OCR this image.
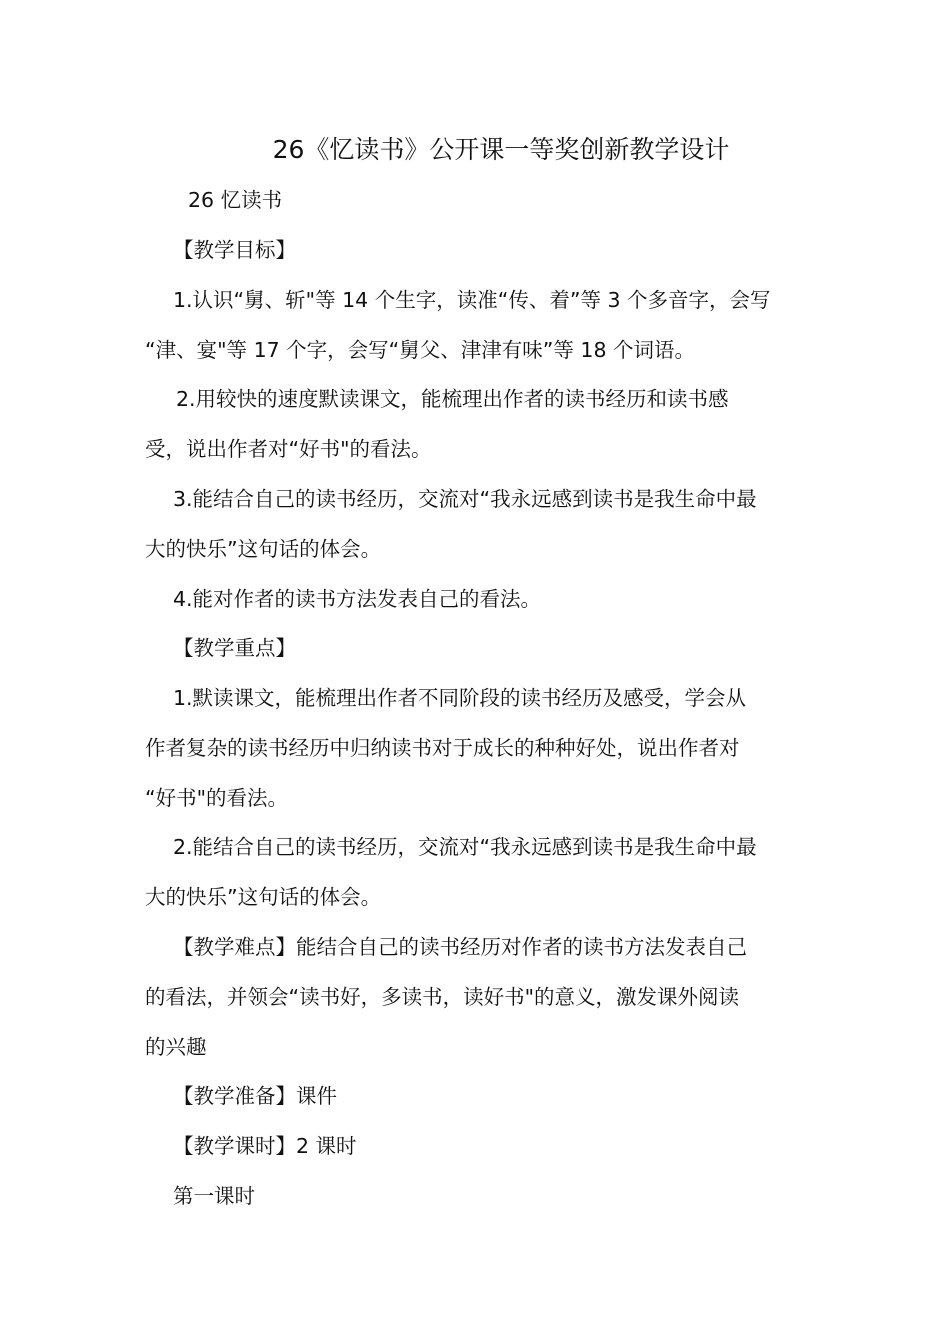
26《忆读书》公开课一等奖创新教学设计
26 忆读书
【教学目标】
1.认识“舅、斩"等 14 个生字，读准“传、着”等 3 个多音字，会写
“津、宴"等 17 个字，会写“舅父、津津有味”等 18 个词语。
2.用较快的速度默读课文，能梳理出作者的读书经历和读书感
受，说出作者对“好书"的看法。
3.能结合自己的读书经历，交流对“我永远感到读书是我生命中最
大的快乐”这句话的体会。
4.能对作者的读书方法发表自己的看法。
【教学重点】
1.默读课文，能梳理出作者不同阶段的读书经历及感受，学会从
作者复杂的读书经历中归纳读书对于成长的种种好处，说出作者对
“好书"的看法。
2.能结合自己的读书经历，交流对“我永远感到读书是我生命中最
大的快乐”这句话的体会。
【教学难点】能结合自己的读书经历对作者的读书方法发表自己
的看法，并领会“读书好，多读书，读好书"的意义，激发课外阅读
的兴趣
【教学准备】课件
【教学课时】2 课时
第一课时
